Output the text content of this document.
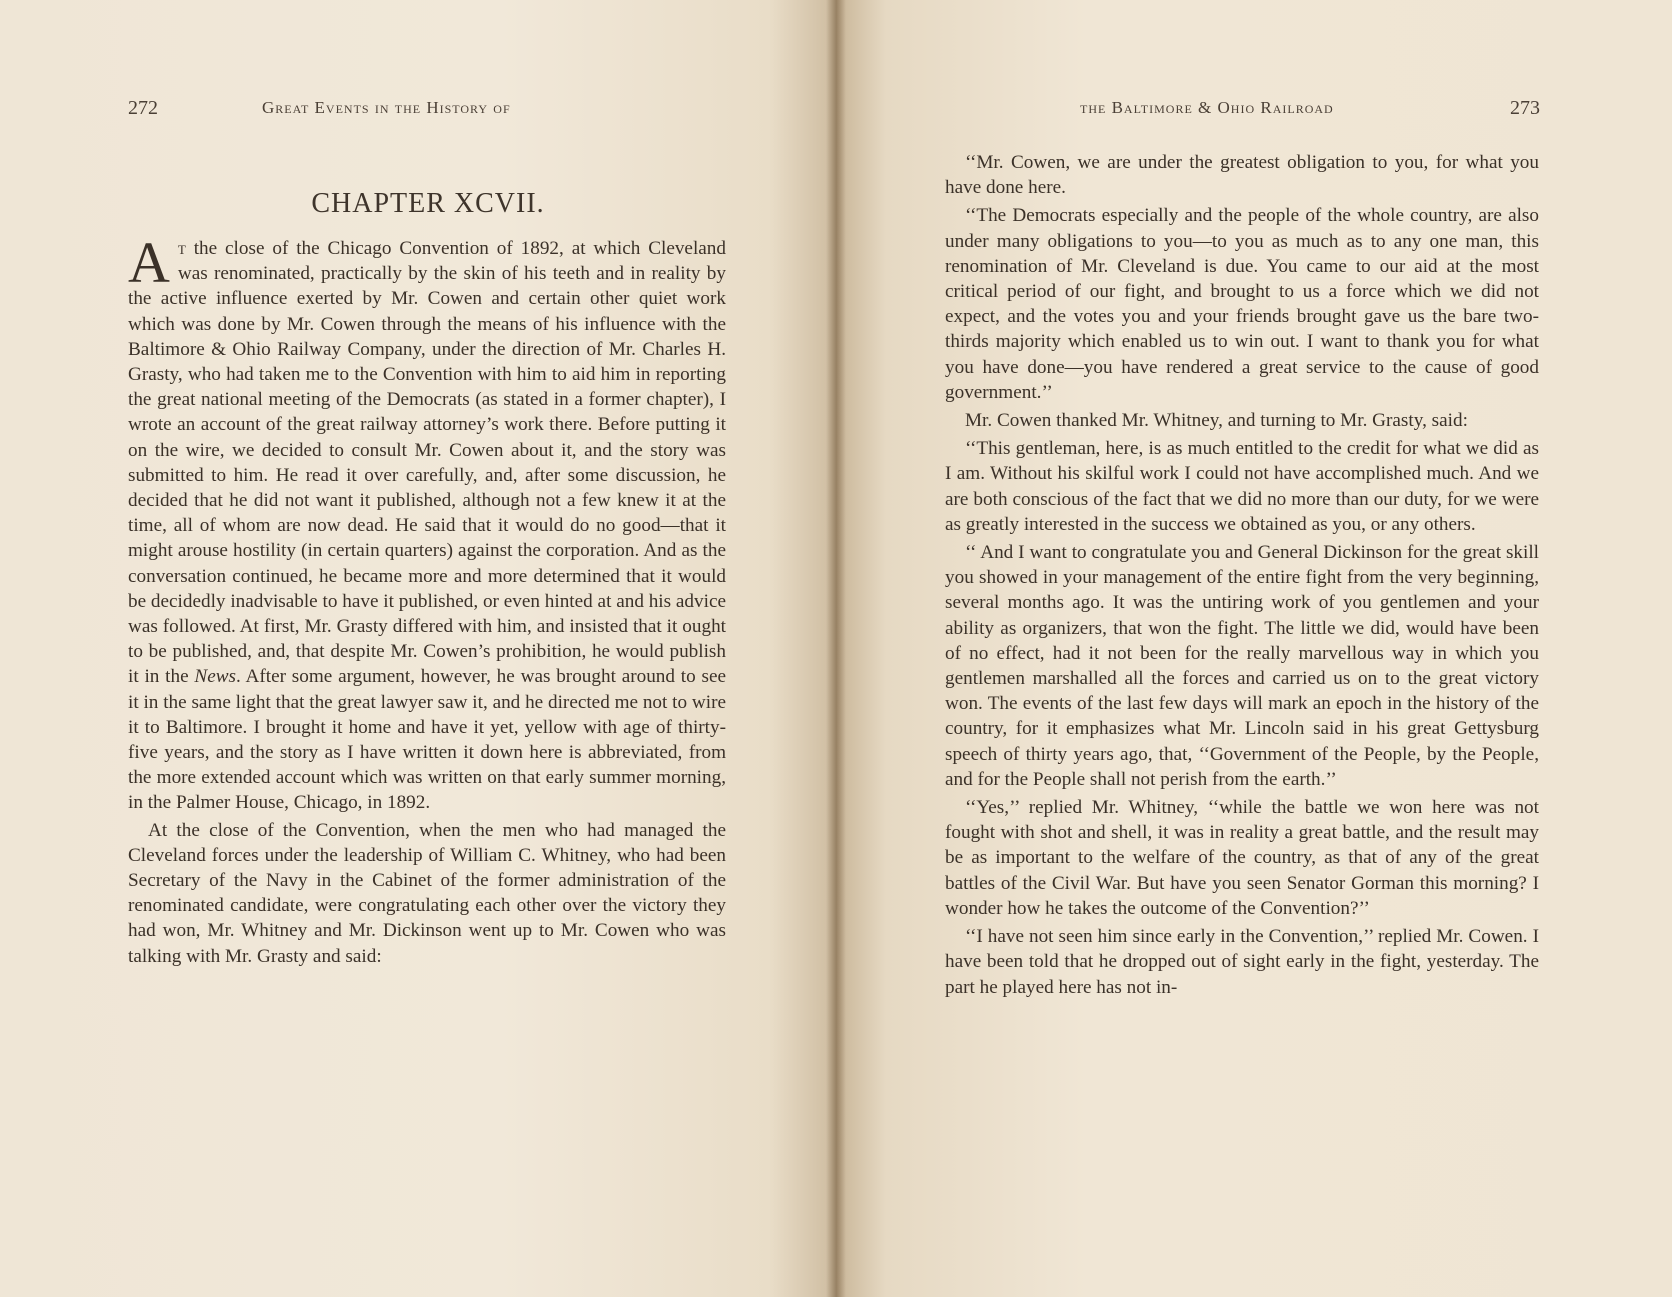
272	Great Events in the History of
CHAPTER XCVII.

At the close of the Chicago Convention of 1892, at which Cleveland was renominated, practically by the skin of his teeth and in reality by the active influence exerted by Mr. Cowen and certain other quiet work which was done by Mr. Cowen through the means of his influence with the Baltimore & Ohio Railway Company, under the direction of Mr. Charles H. Grasty, who had taken me to the Convention with him to aid him in reporting the great national meeting of the Democrats (as stated in a former chapter), I wrote an account of the great railway attorney’s work there. Before putting it on the wire, we decided to consult Mr. Cowen about it, and the story was submitted to him. He read it over carefully, and, after some discussion, he decided that he did not want it published, although not a few knew it at the time, all of whom are now dead. He said that it would do no good—that it might arouse hostility (in certain quarters) against the corporation. And as the conversation continued, he became more and more determined that it would be decidedly inadvisable to have it published, or even hinted at and his advice was followed. At first, Mr. Grasty differed with him, and insisted that it ought to be published, and, that despite Mr. Cowen’s prohibition, he would publish it in the News. After some argument, however, he was brought around to see it in the same light that the great lawyer saw it, and he directed me not to wire it to Baltimore. I brought it home and have it yet, yellow with age of thirty-five years, and the story as I have written it down here is abbreviated, from the more extended account which was written on that early summer morning, in the Palmer House, Chicago, in 1892.

At the close of the Convention, when the men who had managed the Cleveland forces under the leadership of William C. Whitney, who had been Secretary of the Navy in the Cabinet of the former administration of the renominated candidate, were congratulating each other over the victory they had won, Mr. Whitney and Mr. Dickinson went up to Mr. Cowen who was talking with Mr. Grasty and said:

the Baltimore & Ohio Railroad	273

‘‘Mr. Cowen, we are under the greatest obligation to you, for what you have done here.

‘‘The Democrats especially and the people of the whole country, are also under many obligations to you—to you as much as to any one man, this renomination of Mr. Cleveland is due. You came to our aid at the most critical period of our fight, and brought to us a force which we did not expect, and the votes you and your friends brought gave us the bare two-thirds majority which enabled us to win out. I want to thank you for what you have done—you have rendered a great service to the cause of good government.’’

Mr. Cowen thanked Mr. Whitney, and turning to Mr. Grasty, said:

‘‘This gentleman, here, is as much entitled to the credit for what we did as I am. Without his skilful work I could not have accomplished much. And we are both conscious of the fact that we did no more than our duty, for we were as greatly interested in the success we obtained as you, or any others.

‘‘ And I want to congratulate you and General Dickinson for the great skill you showed in your management of the entire fight from the very beginning, several months ago. It was the untiring work of you gentlemen and your ability as organizers, that won the fight. The little we did, would have been of no effect, had it not been for the really marvellous way in which you gentlemen marshalled all the forces and carried us on to the great victory won. The events of the last few days will mark an epoch in the history of the country, for it emphasizes what Mr. Lincoln said in his great Gettysburg speech of thirty years ago, that, ‘‘Government of the People, by the People, and for the People shall not perish from the earth.’’

‘‘Yes,’’ replied Mr. Whitney, ‘‘while the battle we won here was not fought with shot and shell, it was in reality a great battle, and the result may be as important to the welfare of the country, as that of any of the great battles of the Civil War. But have you seen Senator Gorman this morning? I wonder how he takes the outcome of the Convention?’’

‘‘I have not seen him since early in the Convention,’’ replied Mr. Cowen. I have been told that he dropped out of sight early in the fight, yesterday. The part he played here has not in-
